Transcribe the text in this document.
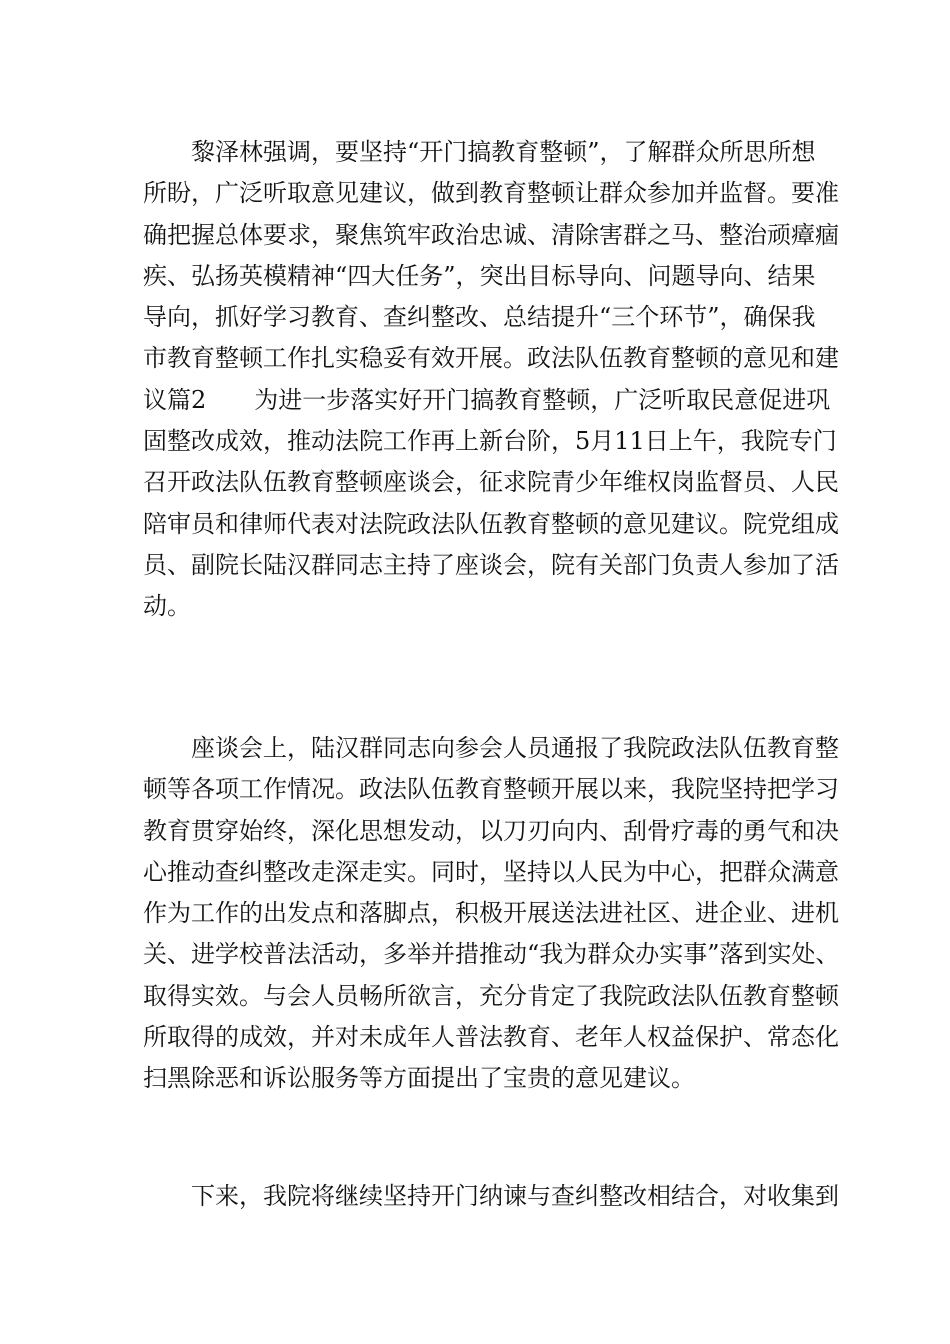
黎泽林强调，要坚持“开门搞教育整顿”，了解群众所思所想
所盼，广泛听取意见建议，做到教育整顿让群众参加并监督。要准
确把握总体要求，聚焦筑牢政治忠诚、清除害群之马、整治顽瘴痼
疾、弘扬英模精神“四大任务”，突出目标导向、问题导向、结果
导向，抓好学习教育、查纠整改、总结提升“三个环节”，确保我
市教育整顿工作扎实稳妥有效开展。政法队伍教育整顿的意见和建
议篇2　　为进一步落实好开门搞教育整顿，广泛听取民意促进巩
固整改成效，推动法院工作再上新台阶，5月11日上午，我院专门
召开政法队伍教育整顿座谈会，征求院青少年维权岗监督员、人民
陪审员和律师代表对法院政法队伍教育整顿的意见建议。院党组成
员、副院长陆汉群同志主持了座谈会，院有关部门负责人参加了活
动。
座谈会上，陆汉群同志向参会人员通报了我院政法队伍教育整
顿等各项工作情况。政法队伍教育整顿开展以来，我院坚持把学习
教育贯穿始终，深化思想发动，以刀刃向内、刮骨疗毒的勇气和决
心推动查纠整改走深走实。同时，坚持以人民为中心，把群众满意
作为工作的出发点和落脚点，积极开展送法进社区、进企业、进机
关、进学校普法活动，多举并措推动“我为群众办实事”落到实处、
取得实效。与会人员畅所欲言，充分肯定了我院政法队伍教育整顿
所取得的成效，并对未成年人普法教育、老年人权益保护、常态化
扫黑除恶和诉讼服务等方面提出了宝贵的意见建议。
下来，我院将继续坚持开门纳谏与查纠整改相结合，对收集到
